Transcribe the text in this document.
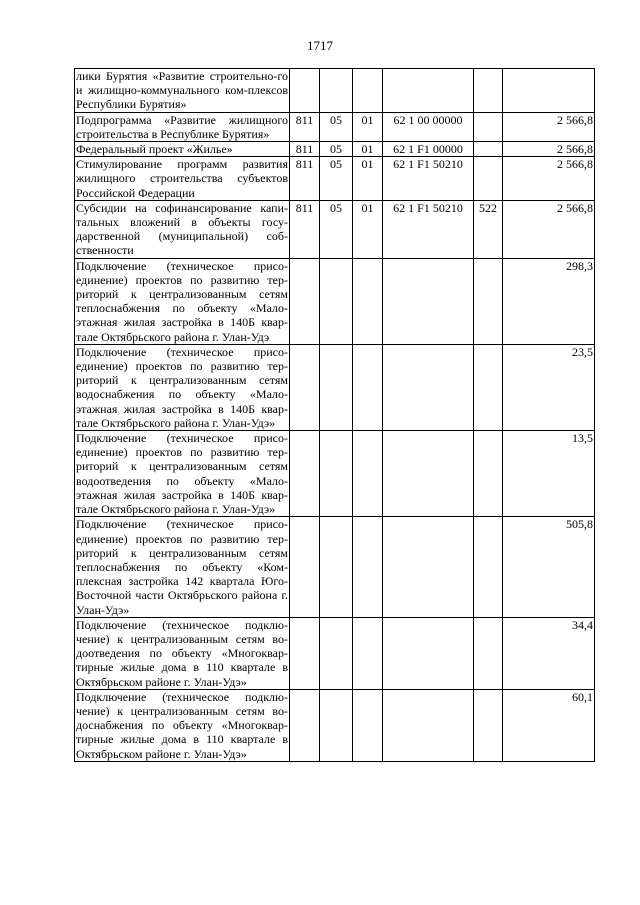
1717
лики Бурятия «Развитие строительно-го и жилищно-коммунального ком-плексов Республики Бурятия»						
Подпрограмма «Развитие жилищного строительства в Республике Бурятия»	811	05	01	62 1 00 00000		2 566,8
Федеральный проект «Жилье»	811	05	01	62 1 F1 00000		2 566,8
Стимулирование программ развития жилищного строительства субъектов Российской Федерации	811	05	01	62 1 F1 50210		2 566,8
Субсидии на софинансирование капи-тальных вложений в объекты госу-дарственной (муниципальной) соб-ственности	811	05	01	62 1 F1 50210	522	2 566,8
Подключение (техническое присо-единение) проектов по развитию тер-риторий к централизованным сетям теплоснабжения по объекту «Мало-этажная жилая застройка в 140Б квар-тале Октябрьского района г. Улан-Удэ						298,3
Подключение (техническое присо-единение) проектов по развитию тер-риторий к централизованным сетям водоснабжения по объекту «Мало-этажная жилая застройка в 140Б квар-тале Октябрьского района г. Улан-Удэ»						23,5
Подключение (техническое присо-единение) проектов по развитию тер-риторий к централизованным сетям водоотведения по объекту «Мало-этажная жилая застройка в 140Б квар-тале Октябрьского района г. Улан-Удэ»						13,5
Подключение (техническое присо-единение) проектов по развитию тер-риторий к централизованным сетям теплоснабжения по объекту «Ком-плексная застройка 142 квартала Юго-Восточной части Октябрьского района г. Улан-Удэ»						505,8
Подключение (техническое подклю-чение) к централизованным сетям во-доотведения по объекту «Многоквар-тирные жилые дома в 110 квартале в Октябрьском районе г. Улан-Удэ»						34,4
Подключение (техническое подклю-чение) к централизованным сетям во-доснабжения по объекту «Многоквар-тирные жилые дома в 110 квартале в Октябрьском районе г. Улан-Удэ»						60,1
